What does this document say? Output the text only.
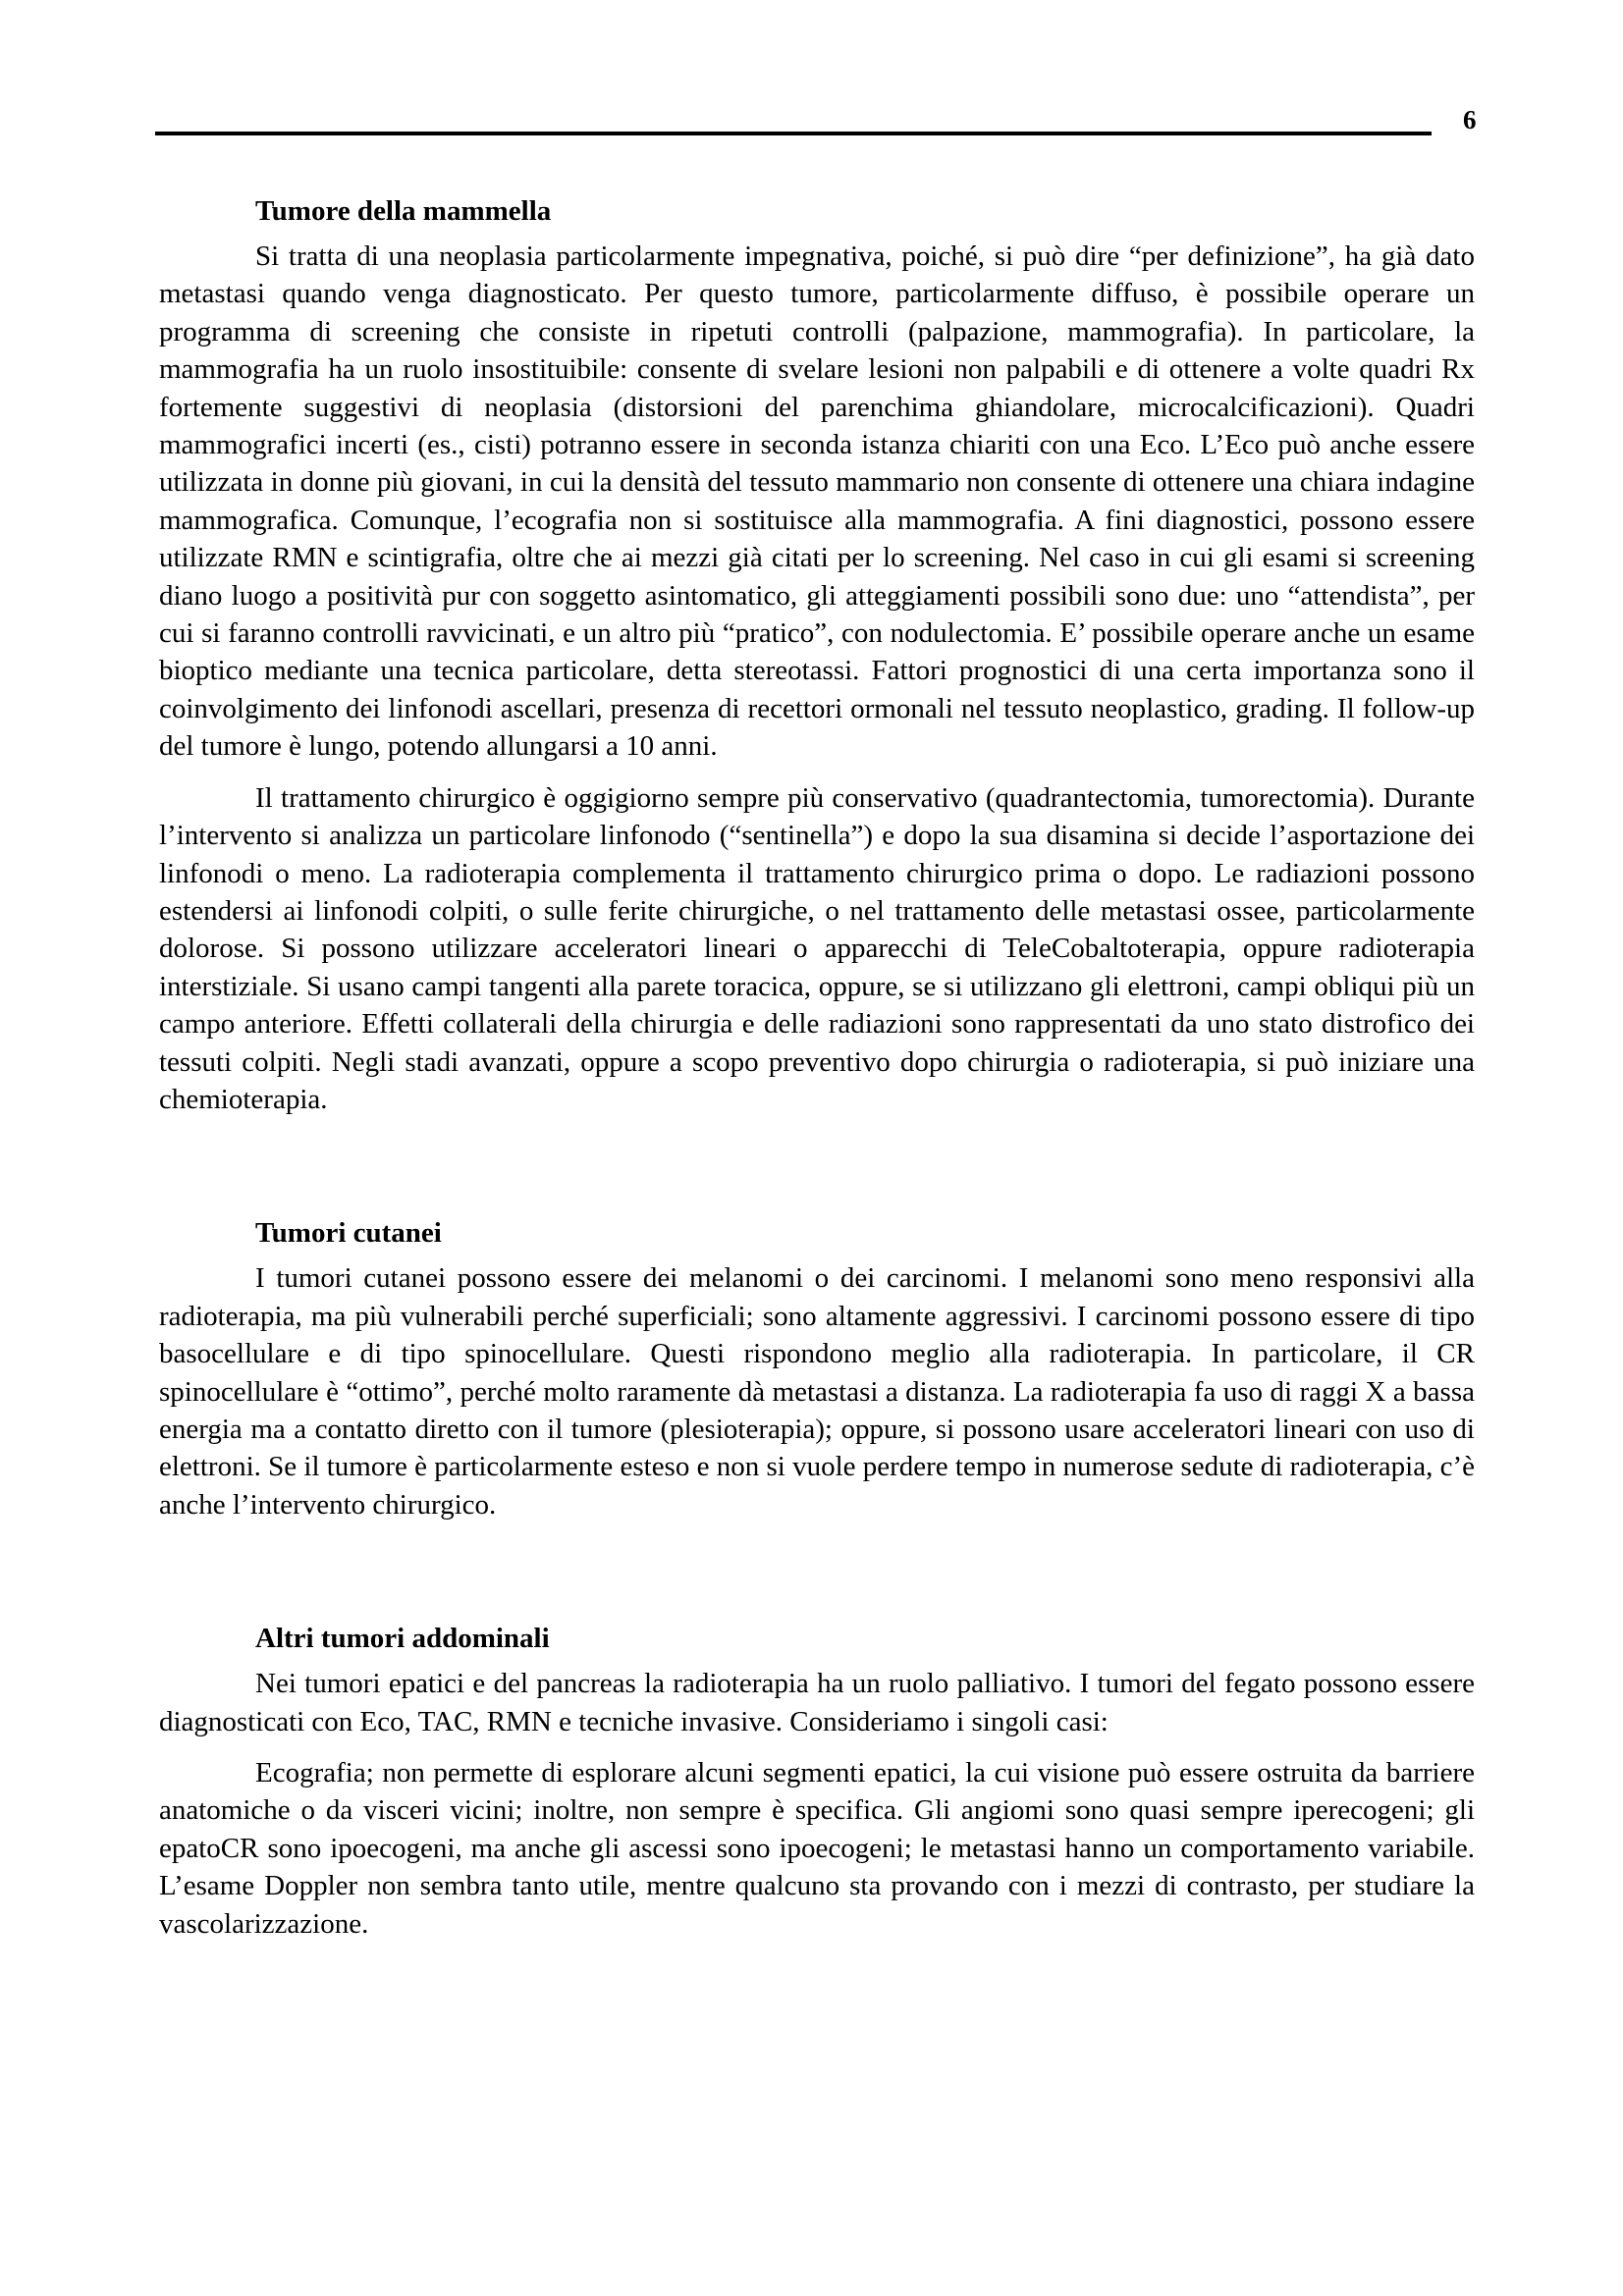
6
Tumore della mammella

Si tratta di una neoplasia particolarmente impegnativa, poiché, si può dire “per definizione”, ha già dato metastasi quando venga diagnosticato. Per questo tumore, particolarmente diffuso, è possibile operare un programma di screening che consiste in ripetuti controlli (palpazione, mammografia). In particolare, la mammografia ha un ruolo insostituibile: consente di svelare lesioni non palpabili e di ottenere a volte quadri Rx fortemente suggestivi di neoplasia (distorsioni del parenchima ghiandolare, microcalcificazioni). Quadri mammografici incerti (es., cisti) potranno essere in seconda istanza chiariti con una Eco. L’Eco può anche essere utilizzata in donne più giovani, in cui la densità del tessuto mammario non consente di ottenere una chiara indagine mammografica. Comunque, l’ecografia non si sostituisce alla mammografia. A fini diagnostici, possono essere utilizzate RMN e scintigrafia, oltre che ai mezzi già citati per lo screening. Nel caso in cui gli esami si screening diano luogo a positività pur con soggetto asintomatico, gli atteggiamenti possibili sono due: uno “attendista”, per cui si faranno controlli ravvicinati, e un altro più “pratico”, con nodulectomia. E’ possibile operare anche un esame bioptico mediante una tecnica particolare, detta stereotassi. Fattori prognostici di una certa importanza sono il coinvolgimento dei linfonodi ascellari, presenza di recettori ormonali nel tessuto neoplastico, grading. Il follow-up del tumore è lungo, potendo allungarsi a 10 anni.

Il trattamento chirurgico è oggigiorno sempre più conservativo (quadrantectomia, tumorectomia). Durante l’intervento si analizza un particolare linfonodo (“sentinella”) e dopo la sua disamina si decide l’asportazione dei linfonodi o meno. La radioterapia complementa il trattamento chirurgico prima o dopo. Le radiazioni possono estendersi ai linfonodi colpiti, o sulle ferite chirurgiche, o nel trattamento delle metastasi ossee, particolarmente dolorose. Si possono utilizzare acceleratori lineari o apparecchi di TeleCobaltoterapia, oppure radioterapia interstiziale. Si usano campi tangenti alla parete toracica, oppure, se si utilizzano gli elettroni, campi obliqui più un campo anteriore. Effetti collaterali della chirurgia e delle radiazioni sono rappresentati da uno stato distrofico dei tessuti colpiti. Negli stadi avanzati, oppure a scopo preventivo dopo chirurgia o radioterapia, si può iniziare una chemioterapia.

Tumori cutanei

I tumori cutanei possono essere dei melanomi o dei carcinomi. I melanomi sono meno responsivi alla radioterapia, ma più vulnerabili perché superficiali; sono altamente aggressivi. I carcinomi possono essere di tipo basocellulare e di tipo spinocellulare. Questi rispondono meglio alla radioterapia. In particolare, il CR spinocellulare è “ottimo”, perché molto raramente dà metastasi a distanza. La radioterapia fa uso di raggi X a bassa energia ma a contatto diretto con il tumore (plesioterapia); oppure, si possono usare acceleratori lineari con uso di elettroni. Se il tumore è particolarmente esteso e non si vuole perdere tempo in numerose sedute di radioterapia, c’è anche l’intervento chirurgico.

Altri tumori addominali

Nei tumori epatici e del pancreas la radioterapia ha un ruolo palliativo. I tumori del fegato possono essere diagnosticati con Eco, TAC, RMN e tecniche invasive. Consideriamo i singoli casi:

Ecografia; non permette di esplorare alcuni segmenti epatici, la cui visione può essere ostruita da barriere anatomiche o da visceri vicini; inoltre, non sempre è specifica. Gli angiomi sono quasi sempre iperecogeni; gli epatoCR sono ipoecogeni, ma anche gli ascessi sono ipoecogeni; le metastasi hanno un comportamento variabile. L’esame Doppler non sembra tanto utile, mentre qualcuno sta provando con i mezzi di contrasto, per studiare la vascolarizzazione.
